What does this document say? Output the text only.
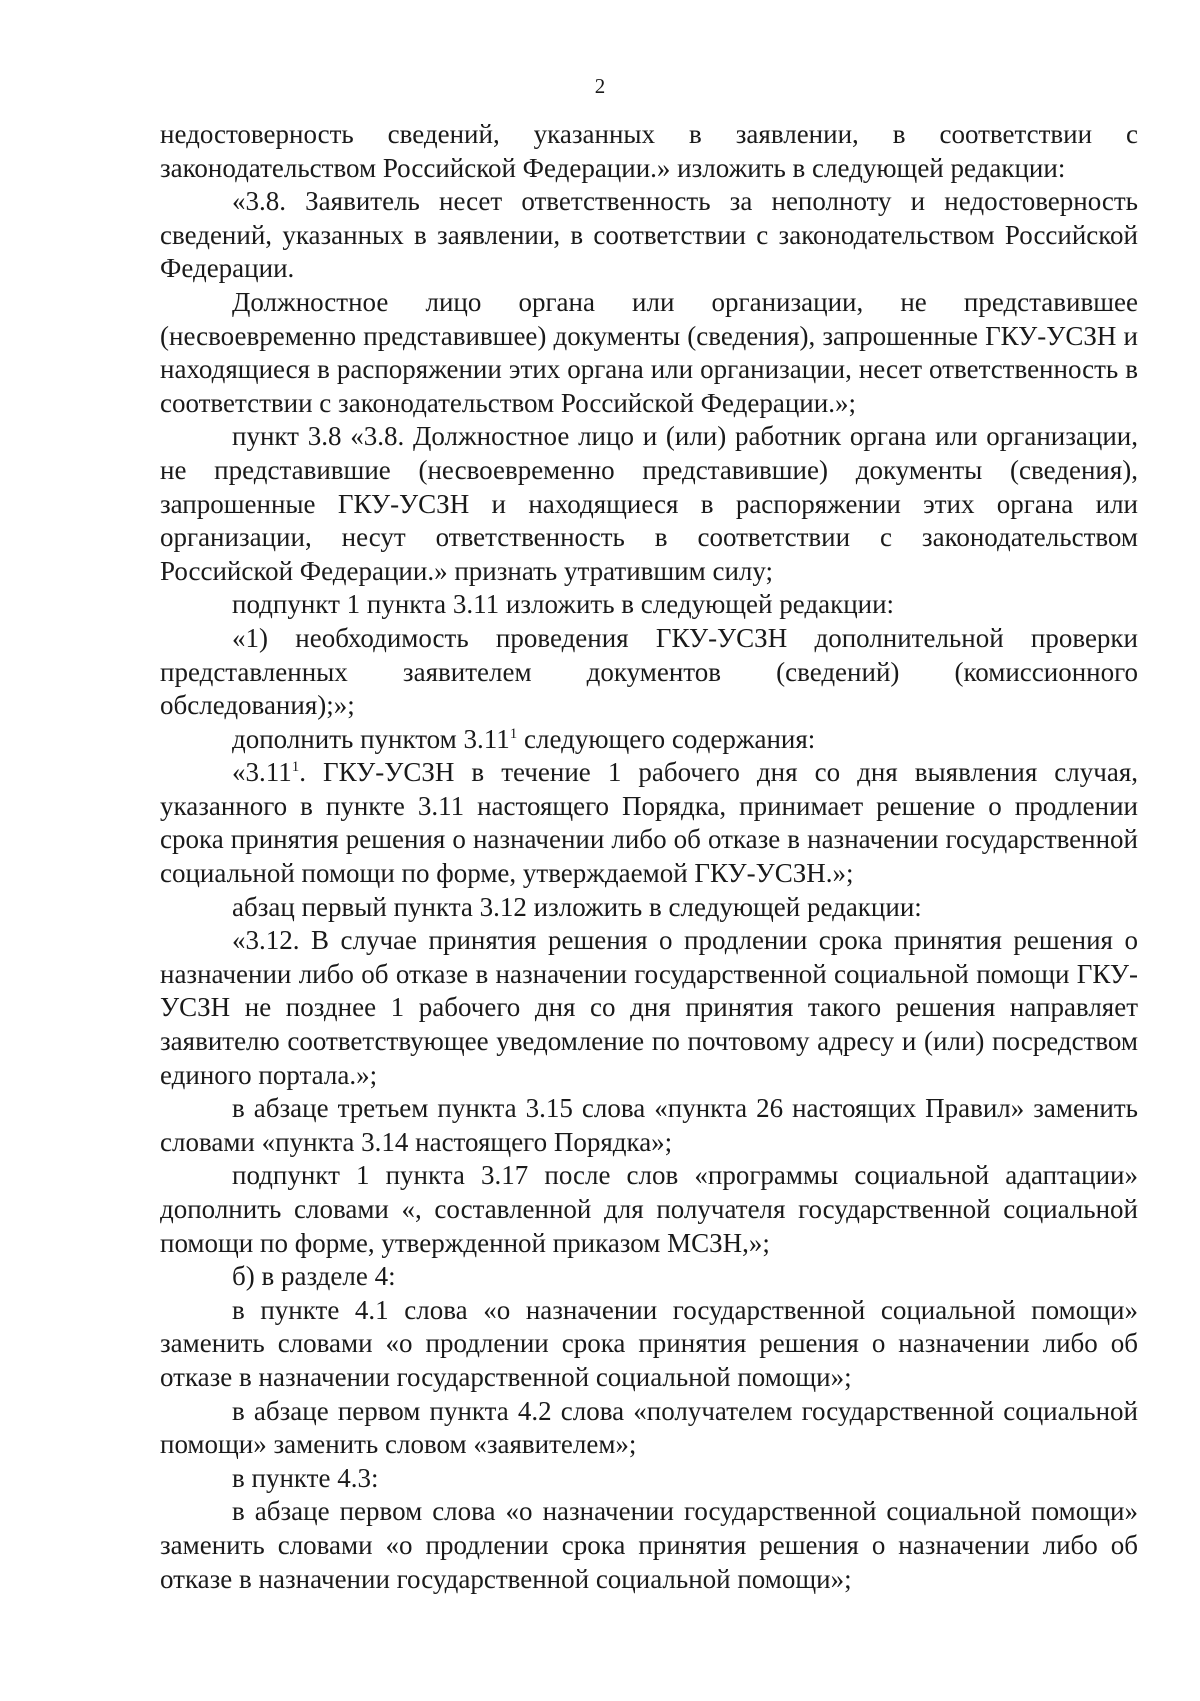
2

недостоверность сведений, указанных в заявлении, в соответствии с законодательством Российской Федерации.» изложить в следующей редакции:

«3.8. Заявитель несет ответственность за неполноту и недостоверность сведений, указанных в заявлении, в соответствии с законодательством Российской Федерации.

Должностное лицо органа или организации, не представившее (несвоевременно представившее) документы (сведения), запрошенные ГКУ-УСЗН и находящиеся в распоряжении этих органа или организации, несет ответственность в соответствии с законодательством Российской Федерации.»;

пункт 3.8 «3.8. Должностное лицо и (или) работник органа или организации, не представившие (несвоевременно представившие) документы (сведения), запрошенные ГКУ-УСЗН и находящиеся в распоряжении этих органа или организации, несут ответственность в соответствии с законодательством Российской Федерации.» признать утратившим силу;

подпункт 1 пункта 3.11 изложить в следующей редакции:

«1) необходимость проведения ГКУ-УСЗН дополнительной проверки представленных заявителем документов (сведений) (комиссионного обследования);»;

дополнить пунктом 3.11$^1$ следующего содержания:

«3.11$^1$. ГКУ-УСЗН в течение 1 рабочего дня со дня выявления случая, указанного в пункте 3.11 настоящего Порядка, принимает решение о продлении срока принятия решения о назначении либо об отказе в назначении государственной социальной помощи по форме, утверждаемой ГКУ-УСЗН.»;

абзац первый пункта 3.12 изложить в следующей редакции:

«3.12. В случае принятия решения о продлении срока принятия решения о назначении либо об отказе в назначении государственной социальной помощи ГКУ-УСЗН не позднее 1 рабочего дня со дня принятия такого решения направляет заявителю соответствующее уведомление по почтовому адресу и (или) посредством единого портала.»;

в абзаце третьем пункта 3.15 слова «пункта 26 настоящих Правил» заменить словами «пункта 3.14 настоящего Порядка»;

подпункт 1 пункта 3.17 после слов «программы социальной адаптации» дополнить словами «, составленной для получателя государственной социальной помощи по форме, утвержденной приказом МСЗН,»;

б) в разделе 4:

в пункте 4.1 слова «о назначении государственной социальной помощи» заменить словами «о продлении срока принятия решения о назначении либо об отказе в назначении государственной социальной помощи»;

в абзаце первом пункта 4.2 слова «получателем государственной социальной помощи» заменить словом «заявителем»;

в пункте 4.3:

в абзаце первом слова «о назначении государственной социальной помощи» заменить словами «о продлении срока принятия решения о назначении либо об отказе в назначении государственной социальной помощи»;
